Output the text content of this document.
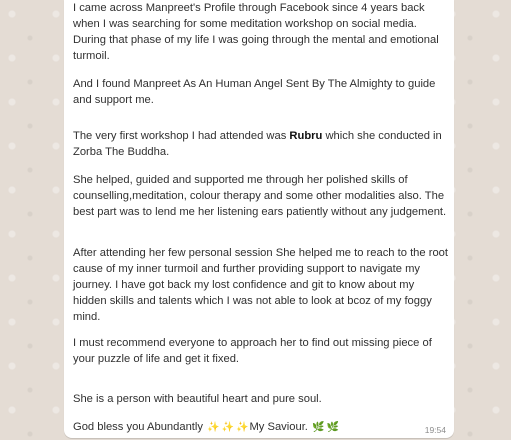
I came across Manpreet's Profile through Facebook since 4 years back when I was searching for some meditation workshop on social media. During that phase of my life I was going through the mental and emotional turmoil.

And I found Manpreet As An Human Angel Sent By The Almighty to guide and support me.

The very first workshop I had attended was Rubru which she conducted in Zorba The Buddha.

She helped, guided and supported me through her polished skills of counselling,meditation, colour therapy and some other modalities also. The best part was to lend me her listening ears patiently without any judgement.

After attending her few personal session She helped me to reach to the root cause of my inner turmoil and further providing support to navigate my journey. I have got back my lost confidence and git to know about my hidden skills and talents which I was not able to look at bcoz of my foggy mind.

I must recommend everyone to approach her to find out missing piece of your puzzle of life and get it fixed.

She is a person with beautiful heart and pure soul.

God bless you Abundantly ✨ ✨ ✨My Saviour. 🌿 🌿	19:54
